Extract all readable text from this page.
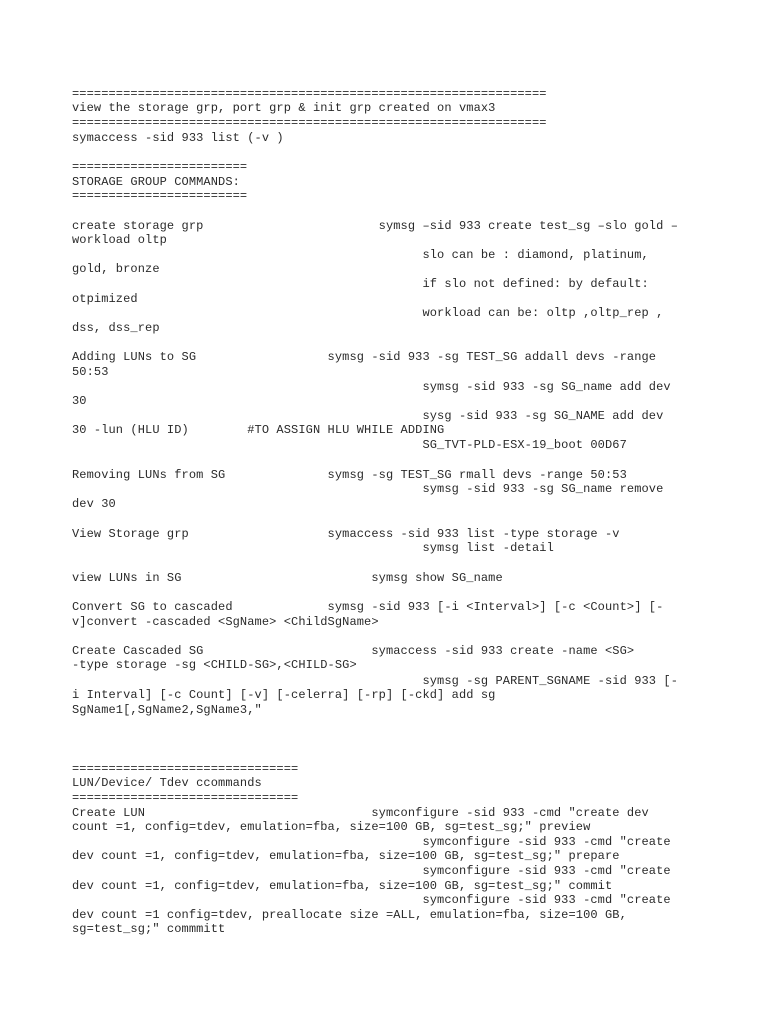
=================================================================
view the storage grp, port grp & init grp created on vmax3
=================================================================
symaccess -sid 933 list (-v )
========================
STORAGE GROUP COMMANDS:
========================
create storage grp                        symsg –sid 933 create test_sg –slo gold –
workload oltp
slo can be : diamond, platinum,
gold, bronze
if slo not defined: by default:
otpimized
workload can be: oltp ,oltp_rep ,
dss, dss_rep
Adding LUNs to SG                  symsg -sid 933 -sg TEST_SG addall devs -range
50:53
symsg -sid 933 -sg SG_name add dev
30
sysg -sid 933 -sg SG_NAME add dev
30 -lun (HLU ID)        #TO ASSIGN HLU WHILE ADDING
SG_TVT-PLD-ESX-19_boot 00D67
Removing LUNs from SG              symsg -sg TEST_SG rmall devs -range 50:53
symsg -sid 933 -sg SG_name remove
dev 30
View Storage grp                   symaccess -sid 933 list -type storage -v
symsg list -detail
view LUNs in SG                          symsg show SG_name
Convert SG to cascaded             symsg -sid 933 [-i <Interval>] [-c <Count>] [-
v]convert -cascaded <SgName> <ChildSgName>
Create Cascaded SG                       symaccess -sid 933 create -name <SG>
-type storage -sg <CHILD-SG>,<CHILD-SG>
symsg -sg PARENT_SGNAME -sid 933 [-
i Interval] [-c Count] [-v] [-celerra] [-rp] [-ckd] add sg
SgName1[,SgName2,SgName3,"
===============================
LUN/Device/ Tdev ccommands
===============================
Create LUN                               symconfigure -sid 933 -cmd "create dev
count =1, config=tdev, emulation=fba, size=100 GB, sg=test_sg;" preview
symconfigure -sid 933 -cmd "create
dev count =1, config=tdev, emulation=fba, size=100 GB, sg=test_sg;" prepare
symconfigure -sid 933 -cmd "create
dev count =1, config=tdev, emulation=fba, size=100 GB, sg=test_sg;" commit
symconfigure -sid 933 -cmd "create
dev count =1 config=tdev, preallocate size =ALL, emulation=fba, size=100 GB,
sg=test_sg;" commmitt
